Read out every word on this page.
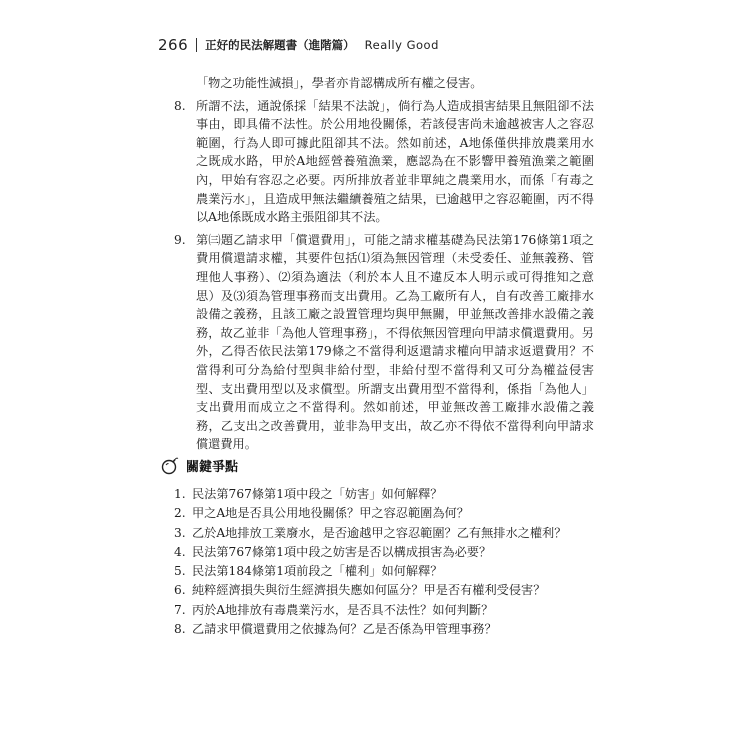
266 正好的民法解題書（進階篇） Really Good

「物之功能性減損」，學者亦肯認構成所有權之侵害。

8. 所謂不法，通說係採「結果不法說」，倘行為人造成損害結果且無阻卻不法事由，即具備不法性。於公用地役關係，若該侵害尚未逾越被害人之容忍範圍，行為人即可據此阻卻其不法。然如前述，A地係僅供排放農業用水之既成水路，甲於A地經營養殖漁業，應認為在不影響甲養殖漁業之範圍內，甲始有容忍之必要。丙所排放者並非單純之農業用水，而係「有毒之農業污水」，且造成甲無法繼續養殖之結果，已逾越甲之容忍範圍，丙不得以A地係既成水路主張阻卻其不法。
9. 第㈢題乙請求甲「償還費用」，可能之請求權基礎為民法第176條第1項之費用償還請求權，其要件包括⑴須為無因管理（未受委任、並無義務、管理他人事務）、⑵須為適法（利於本人且不違反本人明示或可得推知之意思）及⑶須為管理事務而支出費用。乙為工廠所有人，自有改善工廠排水設備之義務，且該工廠之設置管理均與甲無關，甲並無改善排水設備之義務，故乙並非「為他人管理事務」，不得依無因管理向甲請求償還費用。另外，乙得否依民法第179條之不當得利返還請求權向甲請求返還費用？不當得利可分為給付型與非給付型，非給付型不當得利又可分為權益侵害型、支出費用型以及求償型。所謂支出費用型不當得利，係指「為他人」支出費用而成立之不當得利。然如前述，甲並無改善工廠排水設備之義務，乙支出之改善費用，並非為甲支出，故乙亦不得依不當得利向甲請求償還費用。
關鍵爭點
1. 民法第767條第1項中段之「妨害」如何解釋？
2. 甲之A地是否具公用地役關係？甲之容忍範圍為何？
3. 乙於A地排放工業廢水，是否逾越甲之容忍範圍？乙有無排水之權利？
4. 民法第767條第1項中段之妨害是否以構成損害為必要？
5. 民法第184條第1項前段之「權利」如何解釋？
6. 純粹經濟損失與衍生經濟損失應如何區分？甲是否有權利受侵害？
7. 丙於A地排放有毒農業污水，是否具不法性？如何判斷？
8. 乙請求甲償還費用之依據為何？乙是否係為甲管理事務？
